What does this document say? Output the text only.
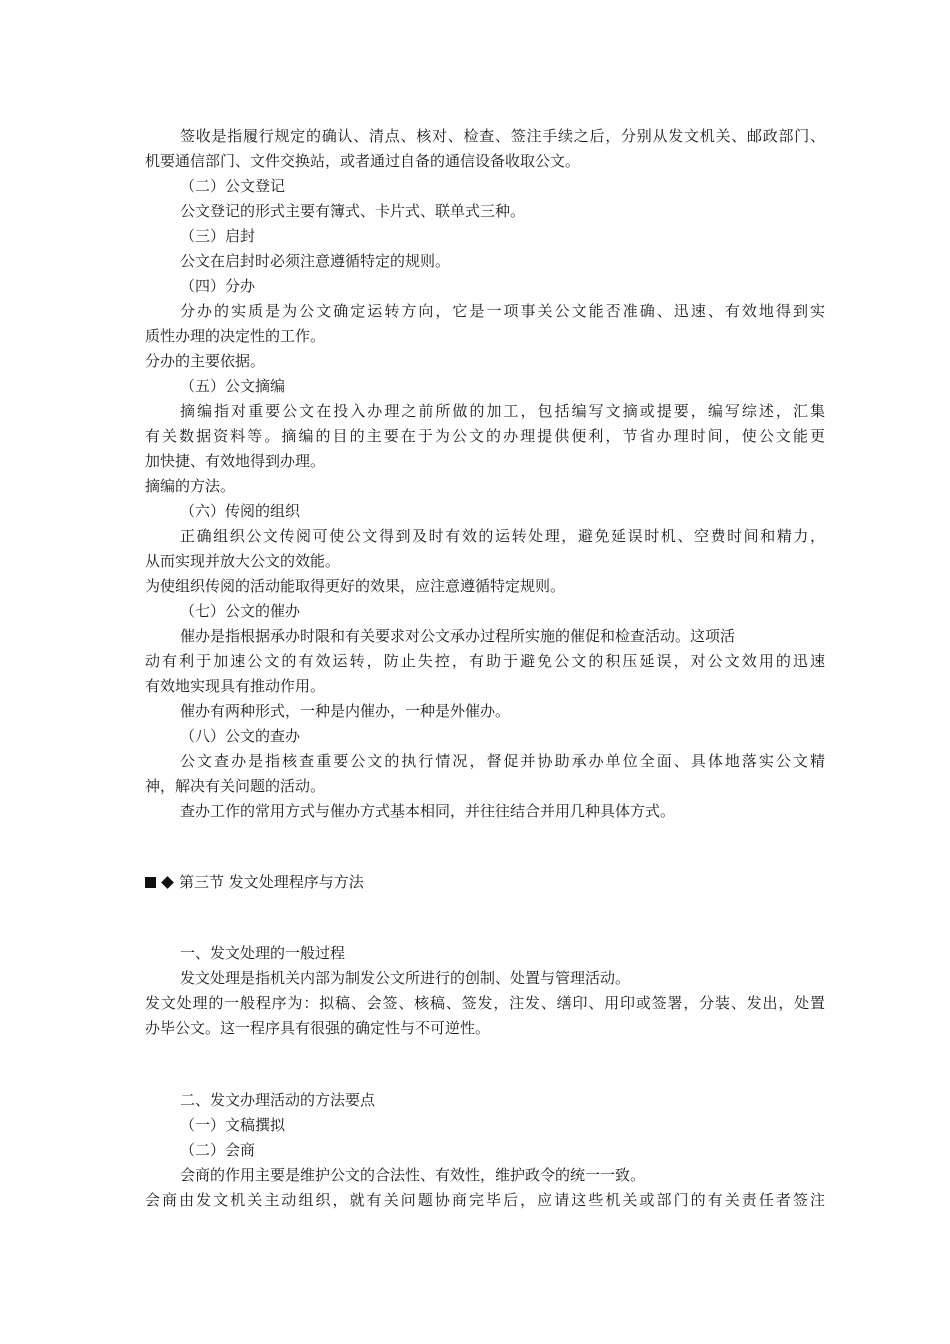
签收是指履行规定的确认、清点、核对、检查、签注手续之后，分别从发文机关、邮政部门、
机要通信部门、文件交换站，或者通过自备的通信设备收取公文。
（二）公文登记
公文登记的形式主要有簿式、卡片式、联单式三种。
（三）启封
公文在启封时必须注意遵循特定的规则。
（四）分办
分办的实质是为公文确定运转方向，它是一项事关公文能否准确、迅速、有效地得到实
质性办理的决定性的工作。
分办的主要依据。
（五）公文摘编
摘编指对重要公文在投入办理之前所做的加工，包括编写文摘或提要，编写综述，汇集
有关数据资料等。摘编的目的主要在于为公文的办理提供便利，节省办理时间，使公文能更
加快捷、有效地得到办理。
摘编的方法。
（六）传阅的组织
正确组织公文传阅可使公文得到及时有效的运转处理，避免延误时机、空费时间和精力，
从而实现并放大公文的效能。
为使组织传阅的活动能取得更好的效果，应注意遵循特定规则。
（七）公文的催办
催办是指根据承办时限和有关要求对公文承办过程所实施的催促和检查活动。这项活
动有利于加速公文的有效运转，防止失控，有助于避免公文的积压延误，对公文效用的迅速
有效地实现具有推动作用。
催办有两种形式，一种是内催办，一种是外催办。
（八）公文的查办
公文查办是指核查重要公文的执行情况，督促并协助承办单位全面、具体地落实公文精
神，解决有关问题的活动。
查办工作的常用方式与催办方式基本相同，并往往结合并用几种具体方式。
第三节 发文处理程序与方法
一、发文处理的一般过程
发文处理是指机关内部为制发公文所进行的创制、处置与管理活动。
发文处理的一般程序为：拟稿、会签、核稿、签发，注发、缮印、用印或签署，分装、发出，处置
办毕公文。这一程序具有很强的确定性与不可逆性。
二、发文办理活动的方法要点
（一）文稿撰拟
（二）会商
会商的作用主要是维护公文的合法性、有效性，维护政令的统一一致。
会商由发文机关主动组织，就有关问题协商完毕后，应请这些机关或部门的有关责任者签注
